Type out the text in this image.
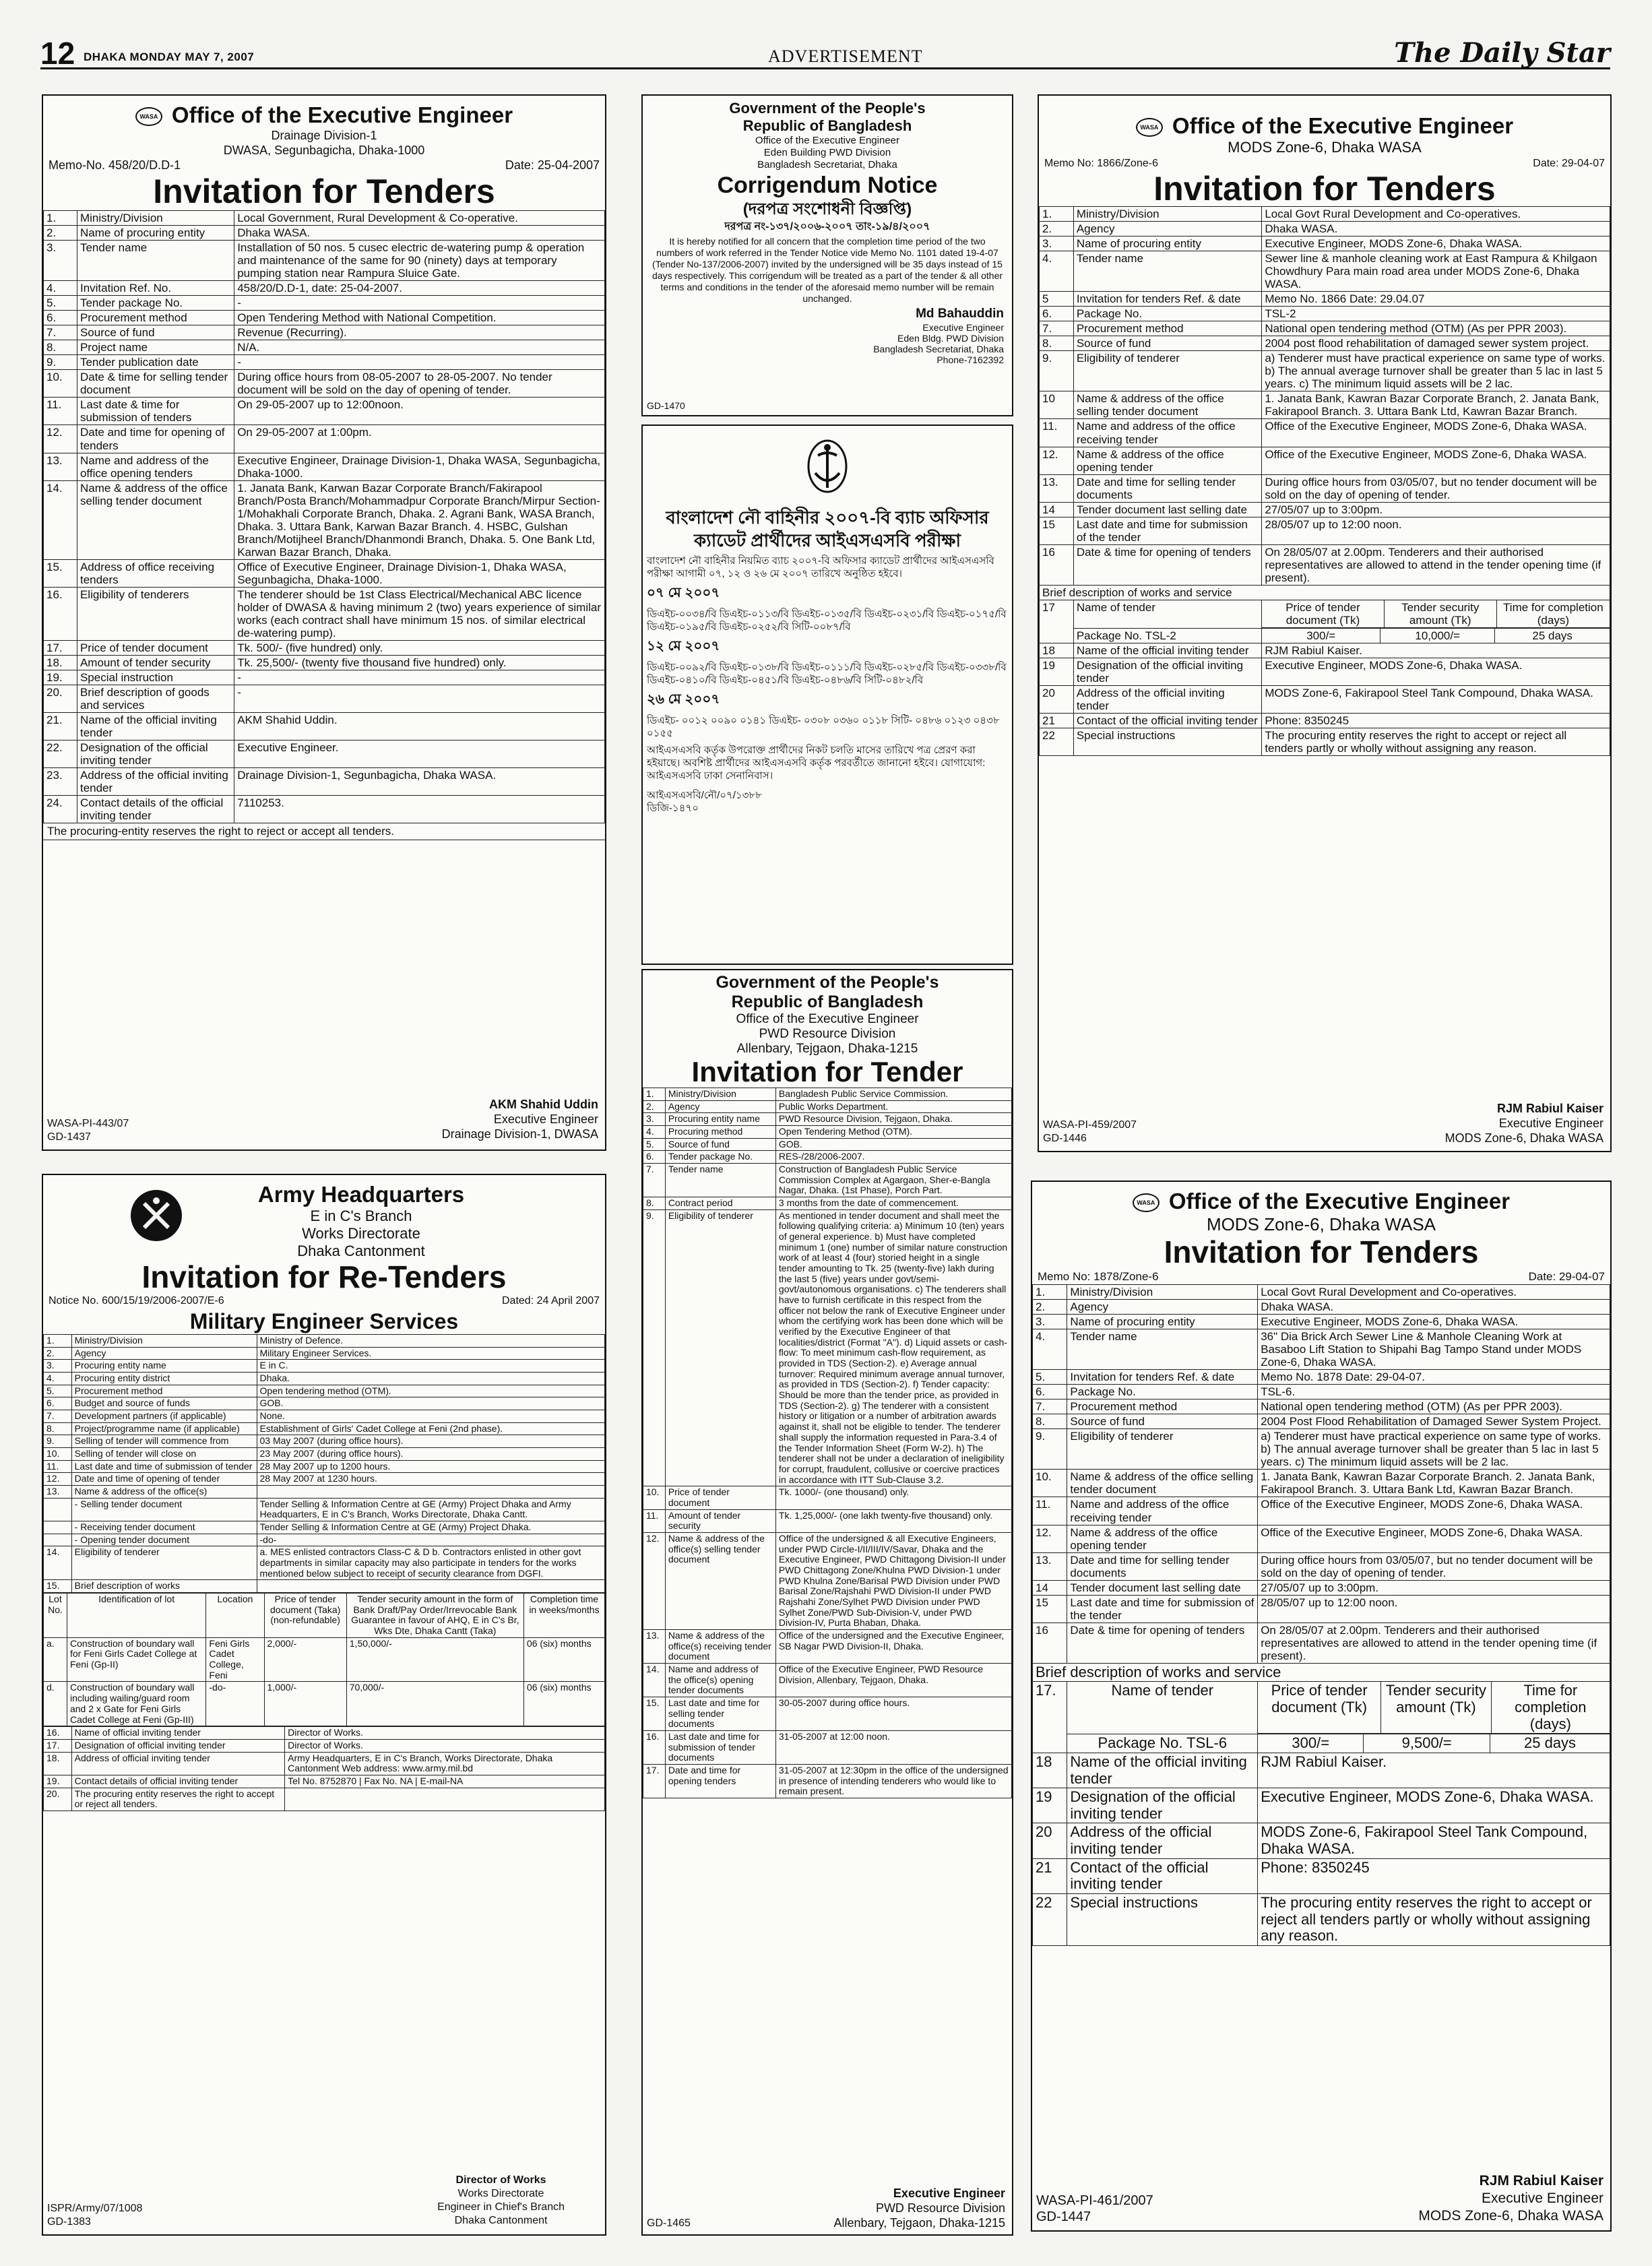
12 DHAKA MONDAY MAY 7, 2007	ADVERTISEMENT	The Daily Star
WASA Office of the Executive Engineer
Drainage Division-1
DWASA, Segunbagicha, Dhaka-1000
Memo-No. 458/20/D.D-1	Date: 25-04-2007
Invitation for Tenders
1.	Ministry/Division	Local Government, Rural Development & Co-operative.
2.	Name of procuring entity	Dhaka WASA.
3.	Tender name	Installation of 50 nos. 5 cusec electric de-watering pump & operation and maintenance of the same for 90 (ninety) days at temporary pumping station near Rampura Sluice Gate.
4.	Invitation Ref. No.	458/20/D.D-1, date: 25-04-2007.
5.	Tender package No.	-
6.	Procurement method	Open Tendering Method with National Competition.
7.	Source of fund	Revenue (Recurring).
8.	Project name	N/A.
9.	Tender publication date	-
10.	Date & time for selling tender document	During office hours from 08-05-2007 to 28-05-2007. No tender document will be sold on the day of opening of tender.
11.	Last date & time for submission of tenders	On 29-05-2007 up to 12:00noon.
12.	Date and time for opening of tenders	On 29-05-2007 at 1:00pm.
13.	Name and address of the office opening tenders	Executive Engineer, Drainage Division-1, Dhaka WASA, Segunbagicha, Dhaka-1000.
14.	Name & address of the office selling tender document	1. Janata Bank, Karwan Bazar Corporate Branch/Fakirapool Branch/Posta Branch/Mohammadpur Corporate Branch/Mirpur Section-1/Mohakhali Corporate Branch, Dhaka. 2. Agrani Bank, WASA Branch, Dhaka. 3. Uttara Bank, Karwan Bazar Branch. 4. HSBC, Gulshan Branch/Motijheel Branch/Dhanmondi Branch, Dhaka. 5. One Bank Ltd, Karwan Bazar Branch, Dhaka.
15.	Address of office receiving tenders	Office of Executive Engineer, Drainage Division-1, Dhaka WASA, Segunbagicha, Dhaka-1000.
16.	Eligibility of tenderers	The tenderer should be 1st Class Electrical/Mechanical ABC licence holder of DWASA & having minimum 2 (two) years experience of similar works (each contract shall have minimum 15 nos. of similar electrical de-watering pump).
17.	Price of tender document	Tk. 500/- (five hundred) only.
18.	Amount of tender security	Tk. 25,500/- (twenty five thousand five hundred) only.
19.	Special instruction	-
20.	Brief description of goods and services	-
21.	Name of the official inviting tender	AKM Shahid Uddin.
22.	Designation of the official inviting tender	Executive Engineer.
23.	Address of the official inviting tender	Drainage Division-1, Segunbagicha, Dhaka WASA.
24.	Contact details of the official inviting tender	7110253.
The procuring-entity reserves the right to reject or accept all tenders.
AKM Shahid Uddin
Executive Engineer
Drainage Division-1, DWASA
WASA-PI-443/07
GD-1437
Government of the People's
Republic of Bangladesh
Office of the Executive Engineer
Eden Building PWD Division
Bangladesh Secretariat, Dhaka
Corrigendum Notice
(দরপত্র সংশোধনী বিজ্ঞপ্তি)
দরপত্র নং-১৩৭/২০০৬-২০০৭ তাং-১৯/৪/২০০৭
It is hereby notified for all concern that the completion time period of the two numbers of work referred in the Tender Notice vide Memo No. 1101 dated 19-4-07 (Tender No-137/2006-2007) invited by the undersigned will be 35 days instead of 15 days respectively. This corrigendum will be treated as a part of the tender & all other terms and conditions in the tender of the aforesaid memo number will be remain unchanged.
Md Bahauddin
Executive Engineer
Eden Bldg. PWD Division
Bangladesh Secretariat, Dhaka
Phone-7162392
GD-1470
বাংলাদেশ নৌ বাহিনীর ২০০৭-বি ব্যাচ অফিসার ক্যাডেট প্রার্থীদের আইএসএসবি পরীক্ষা
বাংলাদেশ নৌ বাহিনীর নিয়মিত ব্যাচ ২০০৭-বি অফিসার ক্যাডেট প্রার্থীদের আইএসএসবি পরীক্ষা আগামী ০৭, ১২ ও ২৬ মে ২০০৭ তারিখে অনুষ্ঠিত হইবে।
০৭ মে ২০০৭
ডিএইচ-০০৩৪/বি ডিএইচ-০১১৩/বি ডিএইচ-০১৩৫/বি ডিএইচ-০২৩১/বি ডিএইচ-০১৭৫/বি ডিএইচ-০১৯৫/বি ডিএইচ-০২৫২/বি সিটি-০০৮৭/বি
১২ মে ২০০৭
ডিএইচ-০০৯২/বি ডিএইচ-০১৩৮/বি ডিএইচ-০১১১/বি ডিএইচ-০২৮৫/বি ডিএইচ-০৩৩৮/বি ডিএইচ-০৪১০/বি ডিএইচ-০৪৫১/বি ডিএইচ-০৪৮৬/বি সিটি-০৪৮২/বি
২৬ মে ২০০৭
ডিএইচ- ০০১২ ০০৯০ ০১৪১ ডিএইচ- ০৩০৮ ০৩৬০ ০১১৮ সিটি- ০৪৮৬ ০১২৩ ০৪৩৮ ০১৫৫
আইএসএসবি কর্তৃক উপরোক্ত প্রার্থীদের নিকট চলতি মাসের তারিখে পত্র প্রেরণ করা হইয়াছে। অবশিষ্ট প্রার্থীদের আইএসএসবি কর্তৃক পরবর্তীতে জানানো হইবে। যোগাযোগ: আইএসএসবি ঢাকা সেনানিবাস।
আইএসএসবি/নৌ/০৭/১৩৮৮
ডিজি-১৪৭০
Government of the People's
Republic of Bangladesh
Office of the Executive Engineer
PWD Resource Division
Allenbary, Tejgaon, Dhaka-1215
Invitation for Tender
1.	Ministry/Division	Bangladesh Public Service Commission.
2.	Agency	Public Works Department.
3.	Procuring entity name	PWD Resource Division, Tejgaon, Dhaka.
4.	Procuring method	Open Tendering Method (OTM).
5.	Source of fund	GOB.
6.	Tender package No.	RES-/28/2006-2007.
7.	Tender name	Construction of Bangladesh Public Service Commission Complex at Agargaon, Sher-e-Bangla Nagar, Dhaka. (1st Phase), Porch Part.
8.	Contract period	3 months from the date of commencement.
9.	Eligibility of tenderer	As mentioned in tender document and shall meet the following qualifying criteria: a) Minimum 10 (ten) years of general experience. b) Must have completed minimum 1 (one) number of similar nature construction work of at least 4 (four) storied height in a single tender amounting to Tk. 25 (twenty-five) lakh during the last 5 (five) years under govt/semi-govt/autonomous organisations. c) The tenderers shall have to furnish certificate in this respect from the officer not below the rank of Executive Engineer under whom the certifying work has been done which will be verified by the Executive Engineer of that localities/district (Format "A"). d) Liquid assets or cash-flow: To meet minimum cash-flow requirement, as provided in TDS (Section-2). e) Average annual turnover: Required minimum average annual turnover, as provided in TDS (Section-2). f) Tender capacity: Should be more than the tender price, as provided in TDS (Section-2). g) The tenderer with a consistent history or litigation or a number of arbitration awards against it, shall not be eligible to tender. The tenderer shall supply the information requested in Para-3.4 of the Tender Information Sheet (Form W-2). h) The tenderer shall not be under a declaration of ineligibility for corrupt, fraudulent, collusive or coercive practices in accordance with ITT Sub-Clause 3.2.
10.	Price of tender document	Tk. 1000/- (one thousand) only.
11.	Amount of tender security	Tk. 1,25,000/- (one lakh twenty-five thousand) only.
12.	Name & address of the office(s) selling tender document	Office of the undersigned & all Executive Engineers, under PWD Circle-I/II/III/IV/Savar, Dhaka and the Executive Engineer, PWD Chittagong Division-II under PWD Chittagong Zone/Khulna PWD Division-1 under PWD Khulna Zone/Barisal PWD Division under PWD Barisal Zone/Rajshahi PWD Division-II under PWD Rajshahi Zone/Sylhet PWD Division under PWD Sylhet Zone/PWD Sub-Division-V, under PWD Division-IV, Purta Bhaban, Dhaka.
13.	Name & address of the office(s) receiving tender document	Office of the undersigned and the Executive Engineer, SB Nagar PWD Division-II, Dhaka.
14.	Name and address of the office(s) opening tender documents	Office of the Executive Engineer, PWD Resource Division, Allenbary, Tejgaon, Dhaka.
15.	Last date and time for selling tender documents	30-05-2007 during office hours.
16.	Last date and time for submission of tender documents	31-05-2007 at 12:00 noon.
17.	Date and time for opening tenders	31-05-2007 at 12:30pm in the office of the undersigned in presence of intending tenderers who would like to remain present.
Executive Engineer
PWD Resource Division
Allenbary, Tejgaon, Dhaka-1215
GD-1465
WASA Office of the Executive Engineer
MODS Zone-6, Dhaka WASA
Memo No: 1866/Zone-6	Date: 29-04-07
Invitation for Tenders
1.	Ministry/Division	Local Govt Rural Development and Co-operatives.
2.	Agency	Dhaka WASA.
3.	Name of procuring entity	Executive Engineer, MODS Zone-6, Dhaka WASA.
4.	Tender name	Sewer line & manhole cleaning work at East Rampura & Khilgaon Chowdhury Para main road area under MODS Zone-6, Dhaka WASA.
5	Invitation for tenders Ref. & date	Memo No. 1866 Date: 29.04.07
6.	Package No.	TSL-2
7.	Procurement method	National open tendering method (OTM) (As per PPR 2003).
8.	Source of fund	2004 post flood rehabilitation of damaged sewer system project.
9.	Eligibility of tenderer	a) Tenderer must have practical experience on same type of works. b) The annual average turnover shall be greater than 5 lac in last 5 years. c) The minimum liquid assets will be 2 lac.
10	Name & address of the office selling tender document	1. Janata Bank, Kawran Bazar Corporate Branch, 2. Janata Bank, Fakirapool Branch. 3. Uttara Bank Ltd, Kawran Bazar Branch.
11.	Name and address of the office receiving tender	Office of the Executive Engineer, MODS Zone-6, Dhaka WASA.
12.	Name & address of the office opening tender	Office of the Executive Engineer, MODS Zone-6, Dhaka WASA.
13.	Date and time for selling tender documents	During office hours from 03/05/07, but no tender document will be sold on the day of opening of tender.
14	Tender document last selling date	27/05/07 up to 3:00pm.
15	Last date and time for submission of the tender	28/05/07 up to 12:00 noon.
16	Date & time for opening of tenders	On 28/05/07 at 2.00pm. Tenderers and their authorised representatives are allowed to attend in the tender opening time (if present).
Brief description of works and service
17	Name of tender		Price of tender document (Tk)	Tender security amount (Tk)	Time for completion (days)

Package No. TSL-2		300/=	10,000/=	25 days

18	Name of the official inviting tender	RJM Rabiul Kaiser.
19	Designation of the official inviting tender	Executive Engineer, MODS Zone-6, Dhaka WASA.
20	Address of the official inviting tender	MODS Zone-6, Fakirapool Steel Tank Compound, Dhaka WASA.
21	Contact of the official inviting tender	Phone: 8350245
22	Special instructions	The procuring entity reserves the right to accept or reject all tenders partly or wholly without assigning any reason.
RJM Rabiul Kaiser
Executive Engineer
MODS Zone-6, Dhaka WASA
WASA-PI-459/2007
GD-1446
Army Headquarters
E in C's Branch
Works Directorate
Dhaka Cantonment
Invitation for Re-Tenders
Notice No. 600/15/19/2006-2007/E-6	Dated: 24 April 2007
Military Engineer Services
1.	Ministry/Division	Ministry of Defence.
2.	Agency	Military Engineer Services.
3.	Procuring entity name	E in C.
4.	Procuring entity district	Dhaka.
5.	Procurement method	Open tendering method (OTM).
6.	Budget and source of funds	GOB.
7.	Development partners (if applicable)	None.
8.	Project/programme name (if applicable)	Establishment of Girls' Cadet College at Feni (2nd phase).
9.	Selling of tender will commence from	03 May 2007 (during office hours).
10.	Selling of tender will close on	23 May 2007 (during office hours).
11.	Last date and time of submission of tender	28 May 2007 up to 1200 hours.
12.	Date and time of opening of tender	28 May 2007 at 1230 hours.
13.	Name & address of the office(s)	
	- Selling tender document	Tender Selling & Information Centre at GE (Army) Project Dhaka and Army Headquarters, E in C's Branch, Works Directorate, Dhaka Cantt.
	- Receiving tender document	Tender Selling & Information Centre at GE (Army) Project Dhaka.
	- Opening tender document	-do-
14.	Eligibility of tenderer	a. MES enlisted contractors Class-C & D b. Contractors enlisted in other govt departments in similar capacity may also participate in tenders for the works mentioned below subject to receipt of security clearance from DGFI.
15.	Brief description of works	
Lot No.	Identification of lot	Location	Price of tender document (Taka) (non-refundable)	Tender security amount in the form of Bank Draft/Pay Order/Irrevocable Bank Guarantee in favour of AHQ, E in C's Br, Wks Dte, Dhaka Cantt (Taka)	Completion time in weeks/months
a.	Construction of boundary wall for Feni Girls Cadet College at Feni (Gp-II)	Feni Girls Cadet College, Feni	2,000/-	1,50,000/-	06 (six) months
d.	Construction of boundary wall including wailing/guard room and 2 x Gate for Feni Girls Cadet College at Feni (Gp-III)	-do-	1,000/-	70,000/-	06 (six) months
16.	Name of official inviting tender	Director of Works.
17.	Designation of official inviting tender	Director of Works.
18.	Address of official inviting tender	Army Headquarters, E in C's Branch, Works Directorate, Dhaka Cantonment Web address: www.army.mil.bd
19.	Contact details of official inviting tender	Tel No. 8752870 | Fax No. NA | E-mail-NA
20.	The procuring entity reserves the right to accept or reject all tenders.	
Director of Works
Works Directorate
Engineer in Chief's Branch
Dhaka Cantonment
ISPR/Army/07/1008
GD-1383
WASA Office of the Executive Engineer
MODS Zone-6, Dhaka WASA
Invitation for Tenders
Memo No: 1878/Zone-6	Date: 29-04-07
1.	Ministry/Division	Local Govt Rural Development and Co-operatives.
2.	Agency	Dhaka WASA.
3.	Name of procuring entity	Executive Engineer, MODS Zone-6, Dhaka WASA.
4.	Tender name	36" Dia Brick Arch Sewer Line & Manhole Cleaning Work at Basaboo Lift Station to Shipahi Bag Tampo Stand under MODS Zone-6, Dhaka WASA.
5.	Invitation for tenders Ref. & date	Memo No. 1878 Date: 29-04-07.
6.	Package No.	TSL-6.
7.	Procurement method	National open tendering method (OTM) (As per PPR 2003).
8.	Source of fund	2004 Post Flood Rehabilitation of Damaged Sewer System Project.
9.	Eligibility of tenderer	a) Tenderer must have practical experience on same type of works. b) The annual average turnover shall be greater than 5 lac in last 5 years. c) The minimum liquid assets will be 2 lac.
10.	Name & address of the office selling tender document	1. Janata Bank, Kawran Bazar Corporate Branch. 2. Janata Bank, Fakirapool Branch. 3. Uttara Bank Ltd, Kawran Bazar Branch.
11.	Name and address of the office receiving tender	Office of the Executive Engineer, MODS Zone-6, Dhaka WASA.
12.	Name & address of the office opening tender	Office of the Executive Engineer, MODS Zone-6, Dhaka WASA.
13.	Date and time for selling tender documents	During office hours from 03/05/07, but no tender document will be sold on the day of opening of tender.
14	Tender document last selling date	27/05/07 up to 3:00pm.
15	Last date and time for submission of the tender	28/05/07 up to 12:00 noon.
16	Date & time for opening of tenders	On 28/05/07 at 2.00pm. Tenderers and their authorised representatives are allowed to attend in the tender opening time (if present).
Brief description of works and service
17.	Name of tender		Price of tender document (Tk)	Tender security amount (Tk)	Time for completion (days)

Package No. TSL-6		300/=	9,500/=	25 days

18	Name of the official inviting tender	RJM Rabiul Kaiser.
19	Designation of the official inviting tender	Executive Engineer, MODS Zone-6, Dhaka WASA.
20	Address of the official inviting tender	MODS Zone-6, Fakirapool Steel Tank Compound, Dhaka WASA.
21	Contact of the official inviting tender	Phone: 8350245
22	Special instructions	The procuring entity reserves the right to accept or reject all tenders partly or wholly without assigning any reason.
RJM Rabiul Kaiser
Executive Engineer
MODS Zone-6, Dhaka WASA
WASA-PI-461/2007
GD-1447
